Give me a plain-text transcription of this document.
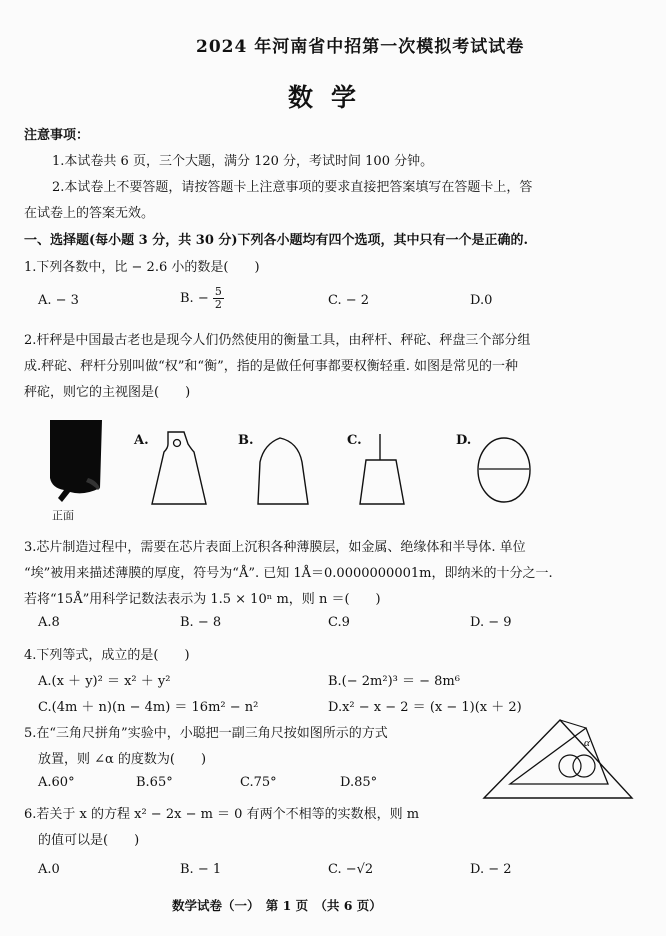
2024 年河南省中招第一次模拟考试试卷
数学
注意事项：
1.本试卷共 6 页，三个大题，满分 120 分，考试时间 100 分钟。
2.本试卷上不要答题，请按答题卡上注意事项的要求直接把答案填写在答题卡上，答
在试卷上的答案无效。
一、选择题(每小题 3 分，共 30 分)下列各小题均有四个选项，其中只有一个是正确的.
1.下列各数中，比 − 2.6 小的数是(　　)
A. − 3	B. − $\frac{5}{2}$	C. − 2	D.0
2.杆秤是中国最古老也是现今人们仍然使用的衡量工具，由秤杆、秤砣、秤盘三个部分组
成.秤砣、秤杆分别叫做“权”和“衡”，指的是做任何事都要权衡轻重. 如图是常见的一种
秤砣，则它的主视图是(　　)
正面
A.	B.	C.	D.
3.芯片制造过程中，需要在芯片表面上沉积各种薄膜层，如金属、绝缘体和半导体. 单位
“埃”被用来描述薄膜的厚度，符号为“Å”. 已知 1Å＝0.0000000001m，即纳米的十分之一.
若将“15Å”用科学记数法表示为 1.5 × 10ⁿ m，则 n ＝(　　)
A.8	B. − 8	C.9	D. − 9
4.下列等式，成立的是(　　)
A.(x ＋ y)² ＝ x² ＋ y²	B.(− 2m²)³ ＝ − 8m⁶
C.(4m ＋ n)(n − 4m) ＝ 16m² − n²	D.x² − x − 2 ＝ (x − 1)(x ＋ 2)
5.在“三角尺拼角”实验中，小聪把一副三角尺按如图所示的方式
放置，则 ∠α 的度数为(　　)
A.60°	B.65°	C.75°	D.85°
α
6.若关于 x 的方程 x² − 2x − m ＝ 0 有两个不相等的实数根，则 m
的值可以是(　　)
A.0	B. − 1	C. −√2	D. − 2
数学试卷（一）　第 1 页　（共 6 页）
